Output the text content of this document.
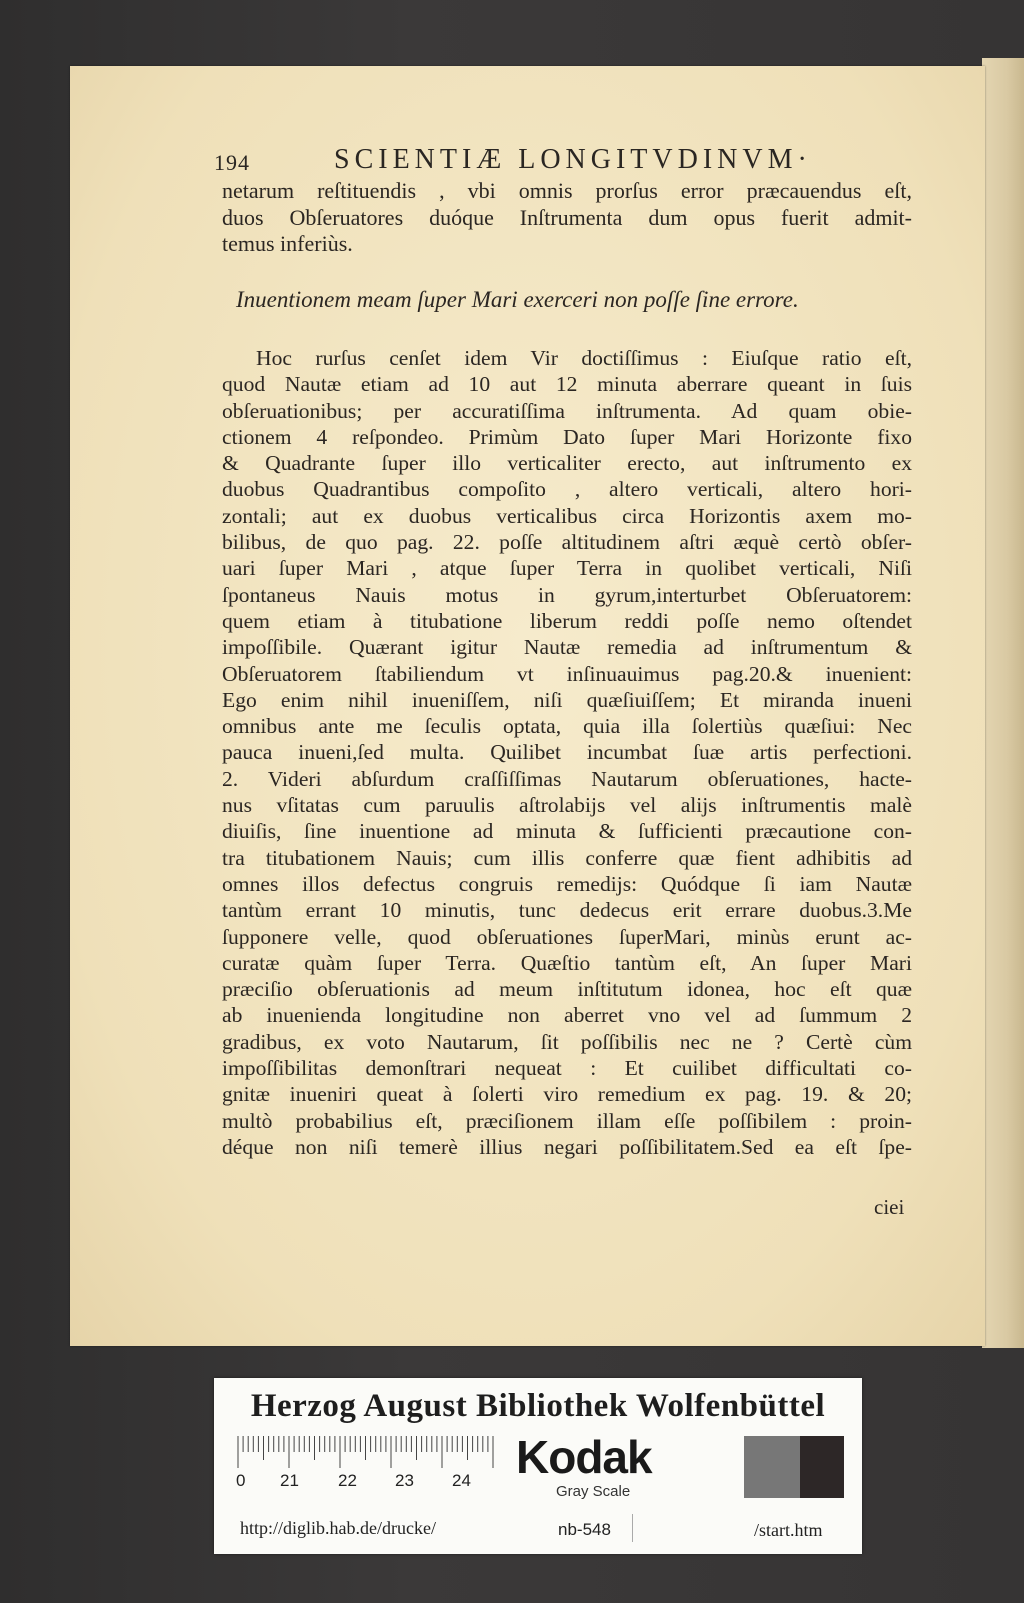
194	SCIENTIÆ LONGITVDINVM·
netarum reſtituendis , vbi omnis prorſus error præcauendus eſt,
duos Obſeruatores duóque Inſtrumenta dum opus fuerit admit-
temus inferiùs.
Inuentionem meam ſuper Mari exerceri non poſſe ſine errore.
Hoc rurſus cenſet idem Vir doctiſſimus : Eiuſque ratio eſt,
quod Nautæ etiam ad 10 aut 12 minuta aberrare queant in ſuis
obſeruationibus; per accuratiſſima inſtrumenta. Ad quam obie-
ctionem 4 reſpondeo. Primùm Dato ſuper Mari Horizonte fixo
& Quadrante ſuper illo verticaliter erecto, aut inſtrumento ex
duobus Quadrantibus compoſito , altero verticali, altero hori-
zontali; aut ex duobus verticalibus circa Horizontis axem mo-
bilibus, de quo pag. 22. poſſe altitudinem aſtri æquè certò obſer-
uari ſuper Mari , atque ſuper Terra in quolibet verticali, Niſi
ſpontaneus Nauis motus in gyrum,interturbet Obſeruatorem:
quem etiam à titubatione liberum reddi poſſe nemo oſtendet
impoſſibile. Quærant igitur Nautæ remedia ad inſtrumentum &
Obſeruatorem ſtabiliendum vt inſinuauimus pag.20.& inuenient:
Ego enim nihil inueniſſem, niſi quæſiuiſſem; Et miranda inueni
omnibus ante me ſeculis optata, quia illa ſolertiùs quæſiui: Nec
pauca inueni,ſed multa. Quilibet incumbat ſuæ artis perfectioni.
2. Videri abſurdum craſſiſſimas Nautarum obſeruationes, hacte-
nus vſitatas cum paruulis aſtrolabijs vel alijs inſtrumentis malè
diuiſis, ſine inuentione ad minuta & ſufficienti præcautione con-
tra titubationem Nauis; cum illis conferre quæ fient adhibitis ad
omnes illos defectus congruis remedijs: Quódque ſi iam Nautæ
tantùm errant 10 minutis, tunc dedecus erit errare duobus.3.Me
ſupponere velle, quod obſeruationes ſuperMari, minùs erunt ac-
curatæ quàm ſuper Terra. Quæſtio tantùm eſt, An ſuper Mari
præciſio obſeruationis ad meum inſtitutum idonea, hoc eſt quæ
ab inuenienda longitudine non aberret vno vel ad ſummum 2
gradibus, ex voto Nautarum, ſit poſſibilis nec ne ? Certè cùm
impoſſibilitas demonſtrari nequeat : Et cuilibet difficultati co-
gnitæ inueniri queat à ſolerti viro remedium ex pag. 19. & 20;
multò probabilius eſt, præciſionem illam eſſe poſſibilem : proin-
déque non niſi temerè illius negari poſſibilitatem.Sed ea eſt ſpe-
ciei
Herzog August Bibliothek Wolfenbüttel
0 21 22 23 24 Kodak
Gray Scale
http://diglib.hab.de/drucke/	nb-548	/start.htm
